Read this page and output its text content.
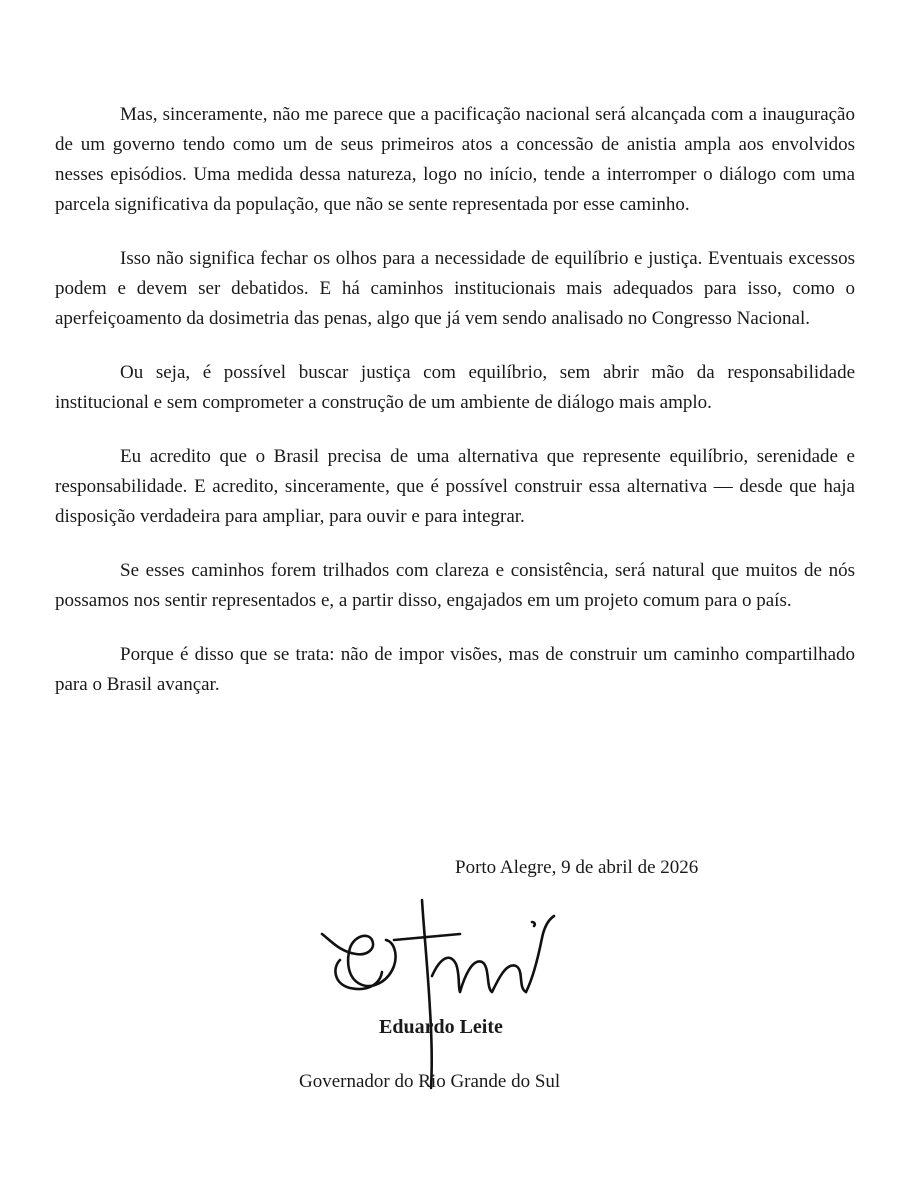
Mas, sinceramente, não me parece que a pacificação nacional será alcançada com a inauguração de um governo tendo como um de seus primeiros atos a concessão de anistia ampla aos envolvidos nesses episódios. Uma medida dessa natureza, logo no início, tende a interromper o diálogo com uma parcela significativa da população, que não se sente representada por esse caminho.

Isso não significa fechar os olhos para a necessidade de equilíbrio e justiça. Eventuais excessos podem e devem ser debatidos. E há caminhos institucionais mais adequados para isso, como o aperfeiçoamento da dosimetria das penas, algo que já vem sendo analisado no Congresso Nacional.

Ou seja, é possível buscar justiça com equilíbrio, sem abrir mão da responsabilidade institucional e sem comprometer a construção de um ambiente de diálogo mais amplo.

Eu acredito que o Brasil precisa de uma alternativa que represente equilíbrio, serenidade e responsabilidade. E acredito, sinceramente, que é possível construir essa alternativa — desde que haja disposição verdadeira para ampliar, para ouvir e para integrar.

Se esses caminhos forem trilhados com clareza e consistência, será natural que muitos de nós possamos nos sentir representados e, a partir disso, engajados em um projeto comum para o país.

Porque é disso que se trata: não de impor visões, mas de construir um caminho compartilhado para o Brasil avançar.

Porto Alegre, 9 de abril de 2026
Eduardo Leite
Governador do Rio Grande do Sul
